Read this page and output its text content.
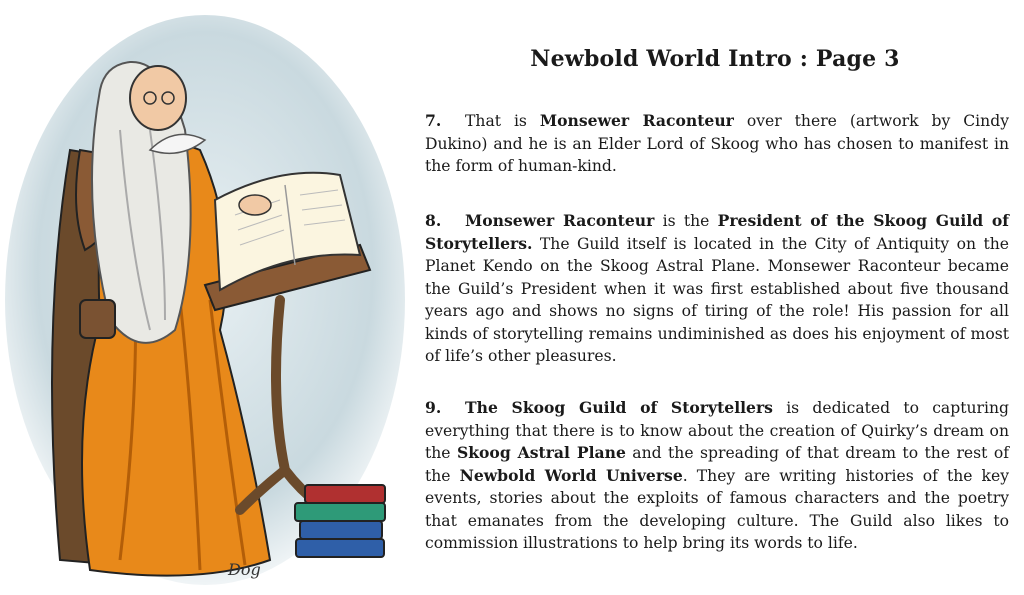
Dog
Newbold World Intro : Page 3
7. That is Monsewer Raconteur over there (artwork by Cindy Dukino) and he is an Elder Lord of Skoog who has chosen to manifest in the form of human-kind.
8. Monsewer Raconteur is the President of the Skoog Guild of Storytellers. The Guild itself is located in the City of Antiquity on the Planet Kendo on the Skoog Astral Plane. Monsewer Raconteur became the Guild’s President when it was first established about five thousand years ago and shows no signs of tiring of the role! His passion for all kinds of storytelling remains undiminished as does his enjoyment of most of life’s other pleasures.
9. The Skoog Guild of Storytellers is dedicated to capturing everything that there is to know about the creation of Quirky’s dream on the Skoog Astral Plane and the spreading of that dream to the rest of the Newbold World Universe. They are writing histories of the key events, stories about the exploits of famous characters and the poetry that emanates from the developing culture. The Guild also likes to commission illustrations to help bring its words to life.
